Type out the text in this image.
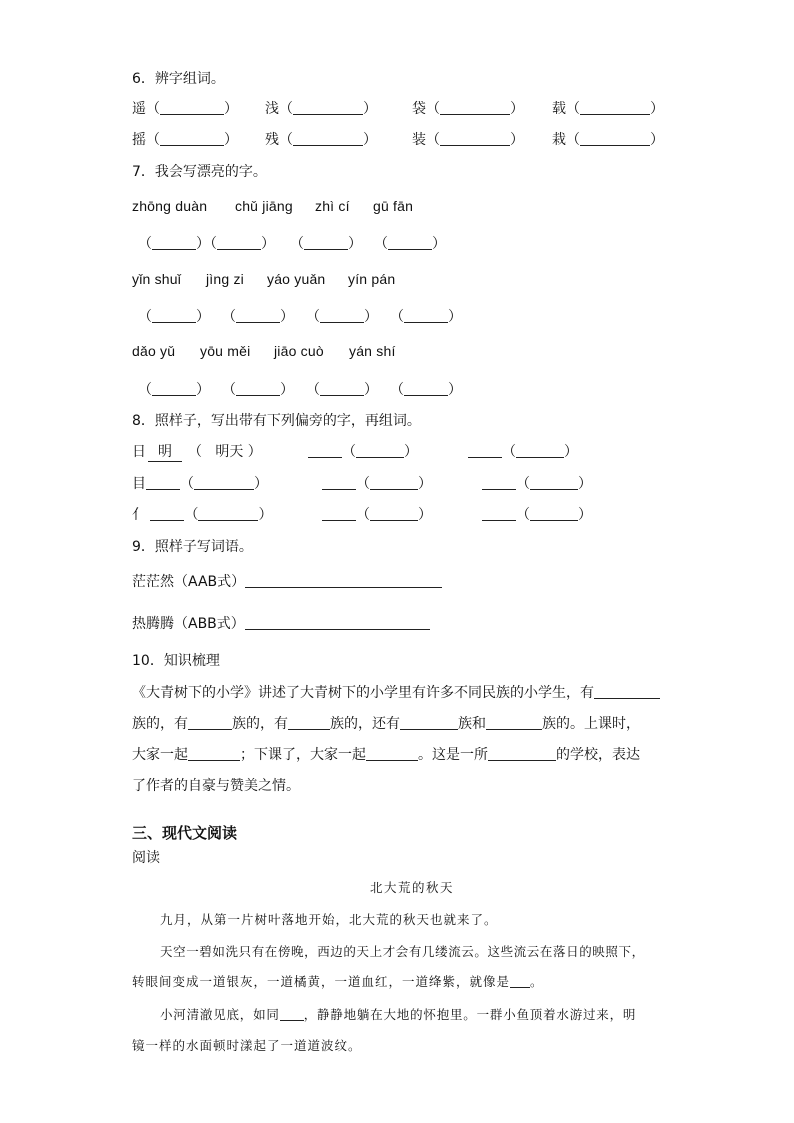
6．辨字组词。
遥（	） 浅（	）	袋（	） 载（	）
摇（	） 残（	）	装（	） 栽（	）
7．我会写漂亮的字。
zhōng duàn chǔ jiāng zhì cí gū fān
（	）（	） （	） （	）
yǐn shuǐ jìng zi yáo yuǎn yín pán
（	） （	） （	） （	）
dǎo yǔ yōu měi jiāo cuò yán shí
（	） （	） （	） （	）
8．照样子，写出带有下列偏旁的字，再组词。
日 明	（   明天 ）	（	）	（	）
目 （	）	（	）	（	）
亻	（	）	（	）	（	）
9．照样子写词语。
茫茫然（AAB式）
热腾腾（ABB式）
10．知识梳理
《大青树下的小学》讲述了大青树下的小学里有许多不同民族的小学生，有
族的，有	族的，有	族的，还有	族和	族的。上课时，
大家一起	；下课了，大家一起	。这是一所	的学校，表达
了作者的自豪与赞美之情。
三、现代文阅读
阅读
北大荒的秋天
九月，从第一片树叶落地开始，北大荒的秋天也就来了。
天空一碧如洗只有在傍晚，西边的天上才会有几缕流云。这些流云在落日的映照下，
转眼间变成一道银灰，一道橘黄，一道血红，一道绛紫，就像是 。
小河清澈见底，如同 ，静静地躺在大地的怀抱里。一群小鱼顶着水游过来，明
镜一样的水面顿时漾起了一道道波纹。
